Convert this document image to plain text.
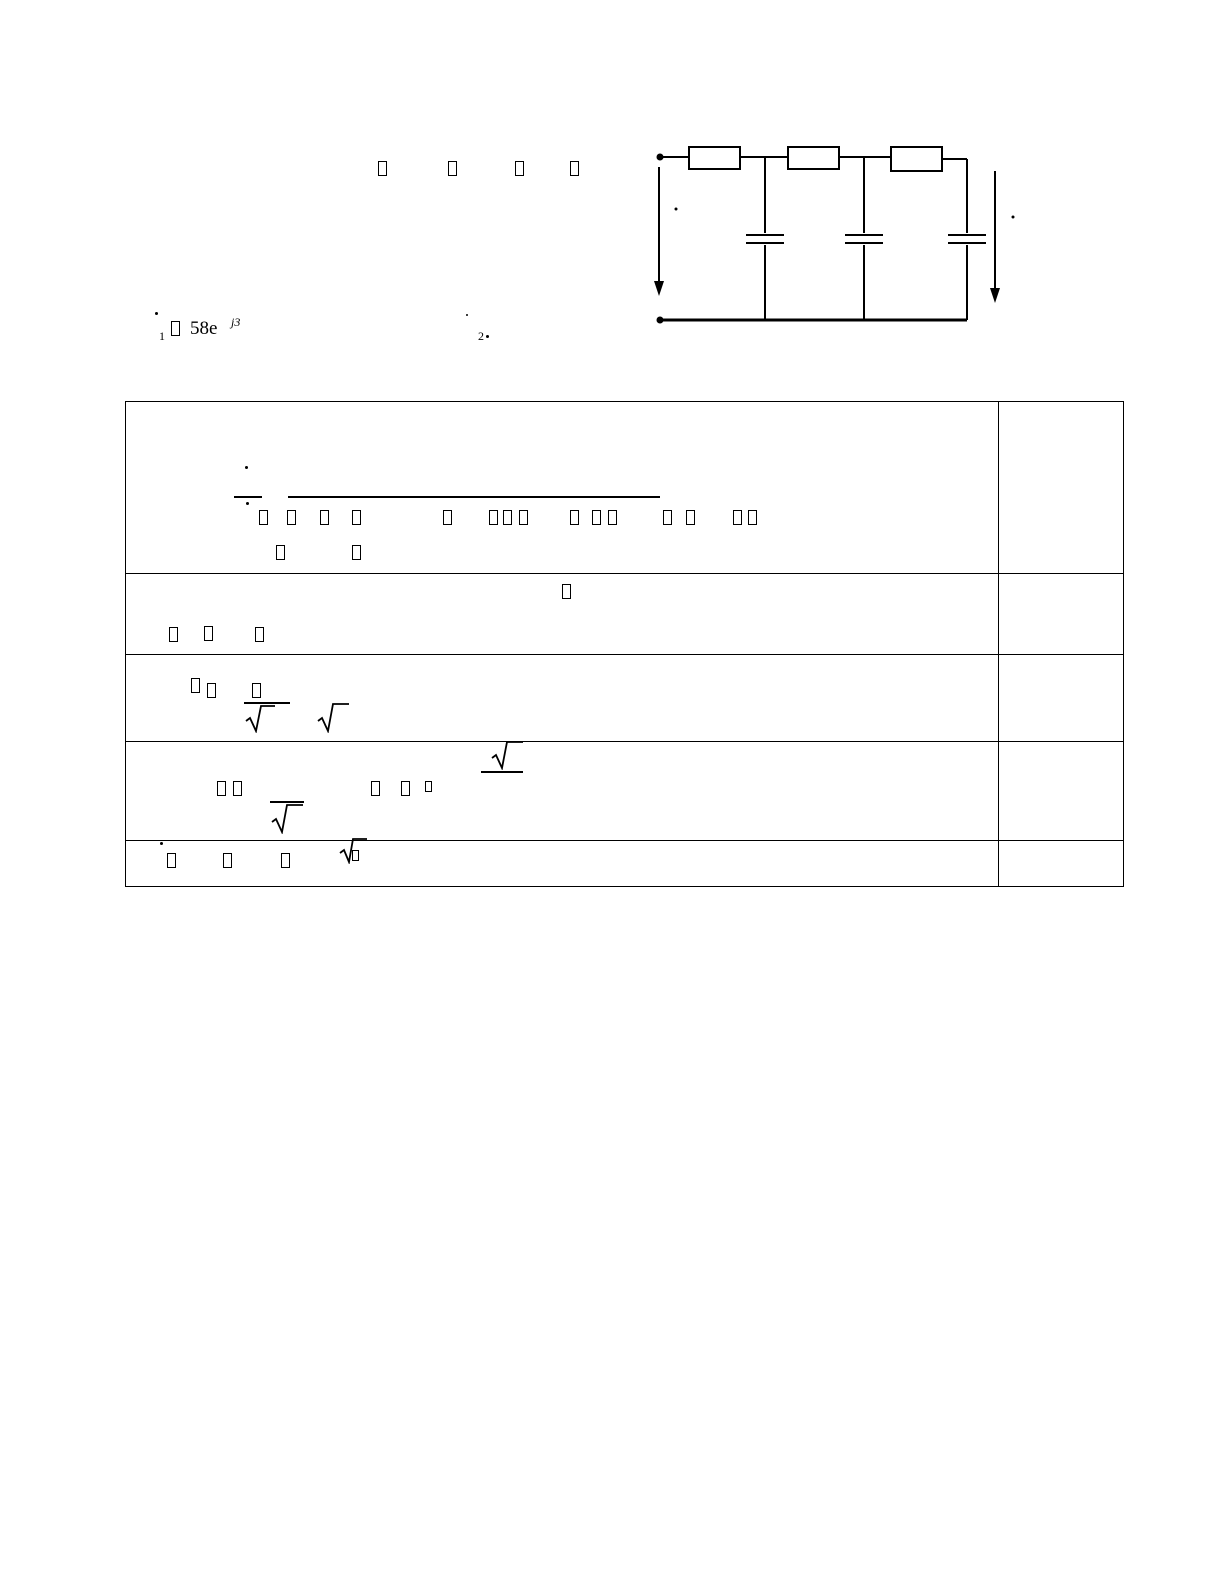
1 58e j3
2
